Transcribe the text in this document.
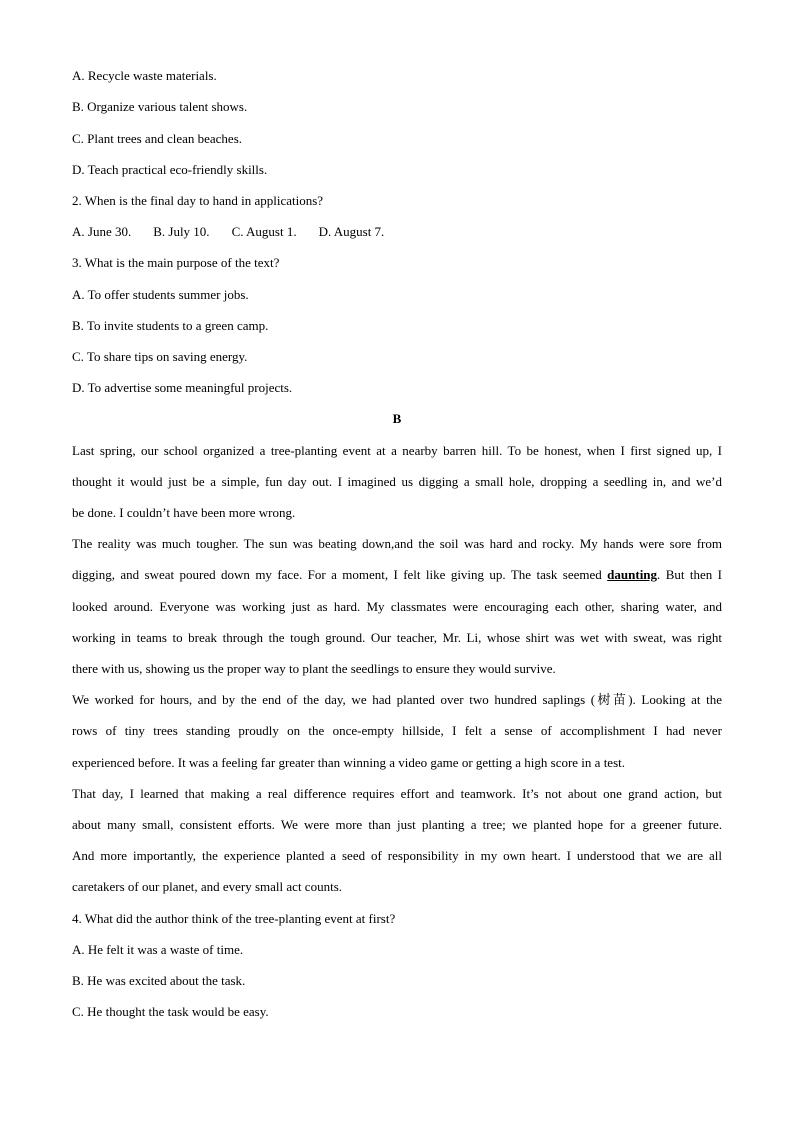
A. Recycle waste materials.

B. Organize various talent shows.

C. Plant trees and clean beaches.

D. Teach practical eco-friendly skills.

2. When is the final day to hand in applications?

A. June 30. B. July 10. C. August 1. D. August 7.

3. What is the main purpose of the text?

A. To offer students summer jobs.

B. To invite students to a green camp.

C. To share tips on saving energy.

D. To advertise some meaningful projects.

B

Last spring, our school organized a tree-planting event at a nearby barren hill. To be honest, when I first signed up, I

thought it would just be a simple, fun day out. I imagined us digging a small hole, dropping a seedling in, and we’d

be done. I couldn’t have been more wrong.

The reality was much tougher. The sun was beating down,and the soil was hard and rocky. My hands were sore from

digging, and sweat poured down my face. For a moment, I felt like giving up. The task seemed daunting. But then I

looked around. Everyone was working just as hard. My classmates were encouraging each other, sharing water, and

working in teams to break through the tough ground. Our teacher, Mr. Li, whose shirt was wet with sweat, was right

there with us, showing us the proper way to plant the seedlings to ensure they would survive.

We worked for hours, and by the end of the day, we had planted over two hundred saplings (树苗). Looking at the

rows of tiny trees standing proudly on the once-empty hillside, I felt a sense of accomplishment I had never

experienced before. It was a feeling far greater than winning a video game or getting a high score in a test.

That day, I learned that making a real difference requires effort and teamwork. It’s not about one grand action, but

about many small, consistent efforts. We were more than just planting a tree; we planted hope for a greener future.

And more importantly, the experience planted a seed of responsibility in my own heart. I understood that we are all

caretakers of our planet, and every small act counts.

4. What did the author think of the tree-planting event at first?

A. He felt it was a waste of time.

B. He was excited about the task.

C. He thought the task would be easy.
